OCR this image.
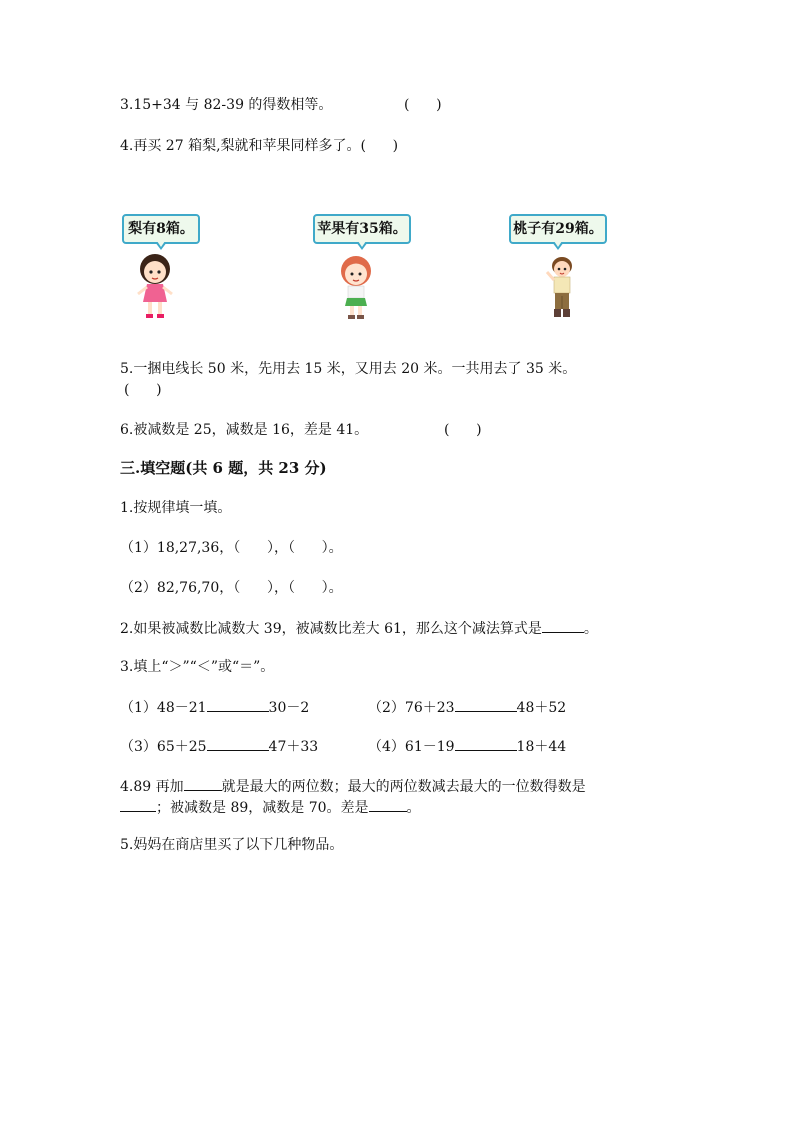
3.15+34 与 82-39 的得数相等。	(      )
4.再买 27 箱梨,梨就和苹果同样多了。(      )
梨有8箱。	苹果有35箱。	桃子有29箱。
5.一捆电线长 50 米，先用去 15 米，又用去 20 米。一共用去了 35 米。
(      )
6.被减数是 25，减数是 16，差是 41。	(      )
三.填空题(共 6 题，共 23 分)
1.按规律填一填。
（1）18,27,36，（      ），（      ）。
（2）82,76,70，（      ），（      ）。
2.如果被减数比减数大 39，被减数比差大 61，那么这个减法算式是	。
3.填上“＞”“＜”或“＝”。
（1）48－21	30－2	（2）76＋23	48＋52
（3）65＋25	47＋33	（4）61－19	18＋44
4.89 再加	就是最大的两位数；最大的两位数减去最大的一位数得数是
；被减数是 89，减数是 70。差是	。
5.妈妈在商店里买了以下几种物品。
